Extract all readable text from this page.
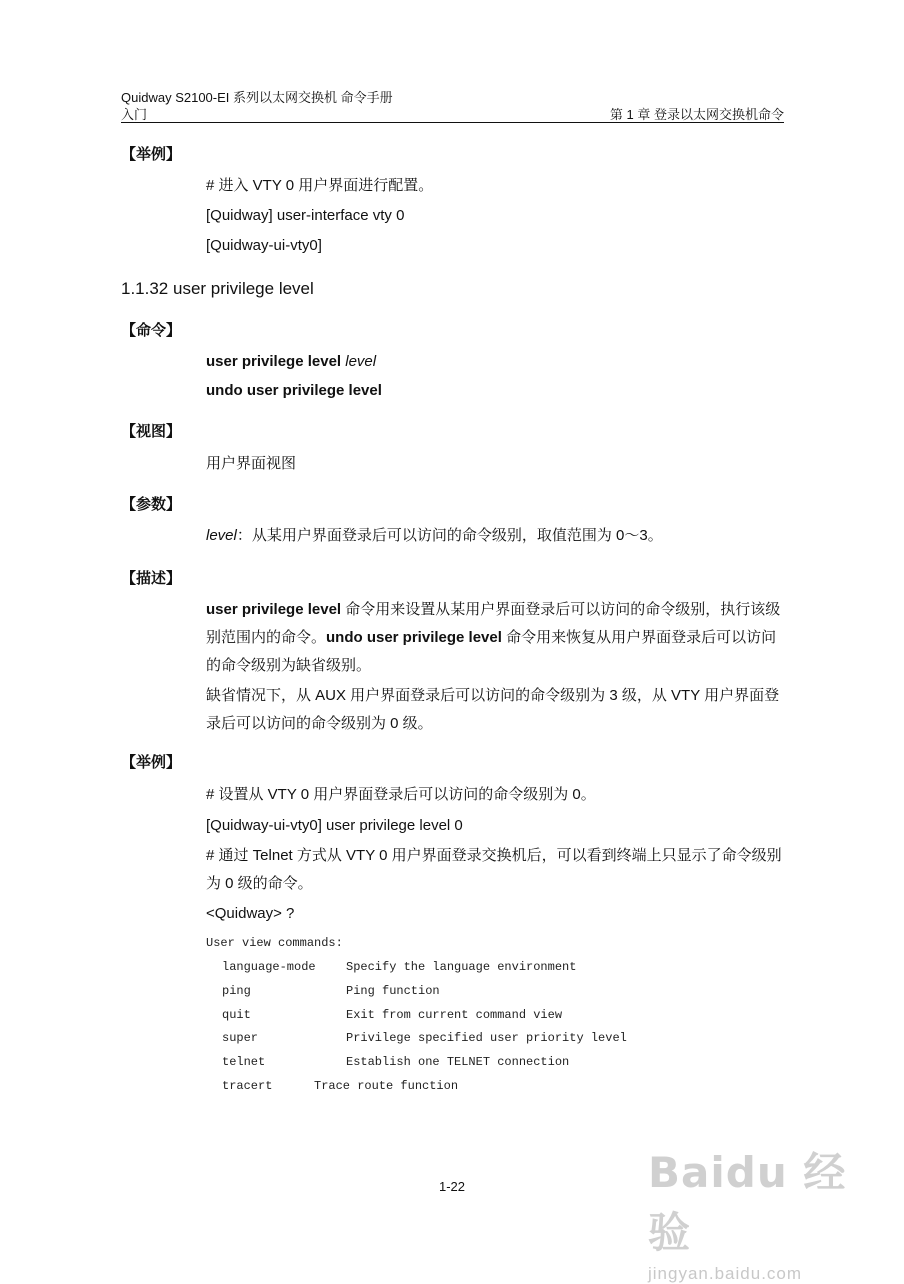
Quidway S2100-EI 系列以太网交换机 命令手册
入门	第 1 章 登录以太网交换机命令
【举例】
# 进入 VTY 0 用户界面进行配置。
[Quidway] user-interface vty 0
[Quidway-ui-vty0]
1.1.32 user privilege level
【命令】
user privilege level level
undo user privilege level
【视图】
用户界面视图
【参数】
level：从某用户界面登录后可以访问的命令级别，取值范围为 0～3。
【描述】
user privilege level 命令用来设置从某用户界面登录后可以访问的命令级别，执行该级别范围内的命令。undo user privilege level 命令用来恢复从用户界面登录后可以访问的命令级别为缺省级别。
缺省情况下，从 AUX 用户界面登录后可以访问的命令级别为 3 级，从 VTY 用户界面登录后可以访问的命令级别为 0 级。
【举例】
# 设置从 VTY 0 用户界面登录后可以访问的命令级别为 0。
[Quidway-ui-vty0] user privilege level 0
# 通过 Telnet 方式从 VTY 0 用户界面登录交换机后，可以看到终端上只显示了命令级别为 0 级的命令。
<Quidway> ?
User view commands:
language-mode	Specify the language environment
ping	Ping function
quit	Exit from current command view
super	Privilege specified user priority level
telnet	Establish one TELNET connection
tracert	Trace route function
1-22	Baidu 经验
jingyan.baidu.com
